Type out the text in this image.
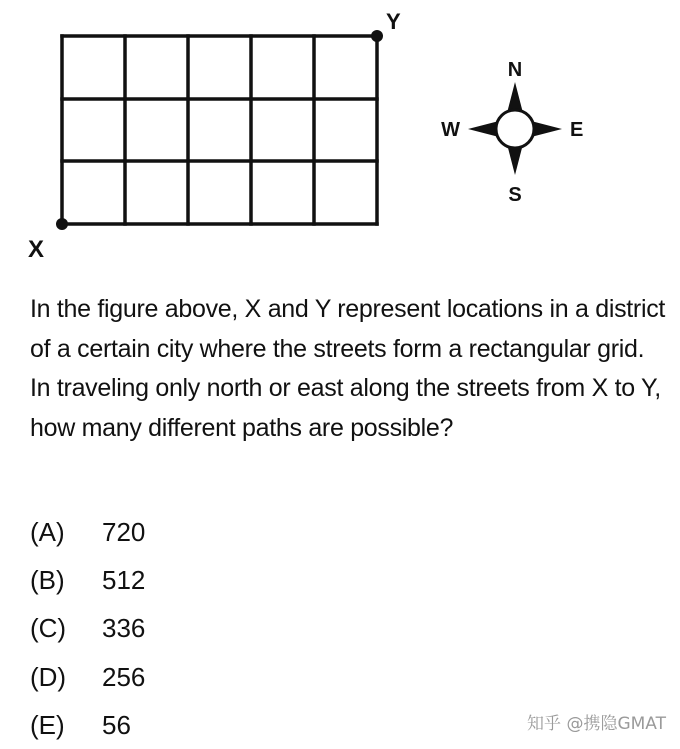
X
Y
N
S
E
W
In the figure above, X and Y represent locations in a district of a certain city where the streets form a rectangular grid. In traveling only north or east along the streets from X to Y, how many different paths are possible?
(A)	720
(B)	512
(C)	336
(D)	256
(E)	56	知乎 @携隐GMAT
